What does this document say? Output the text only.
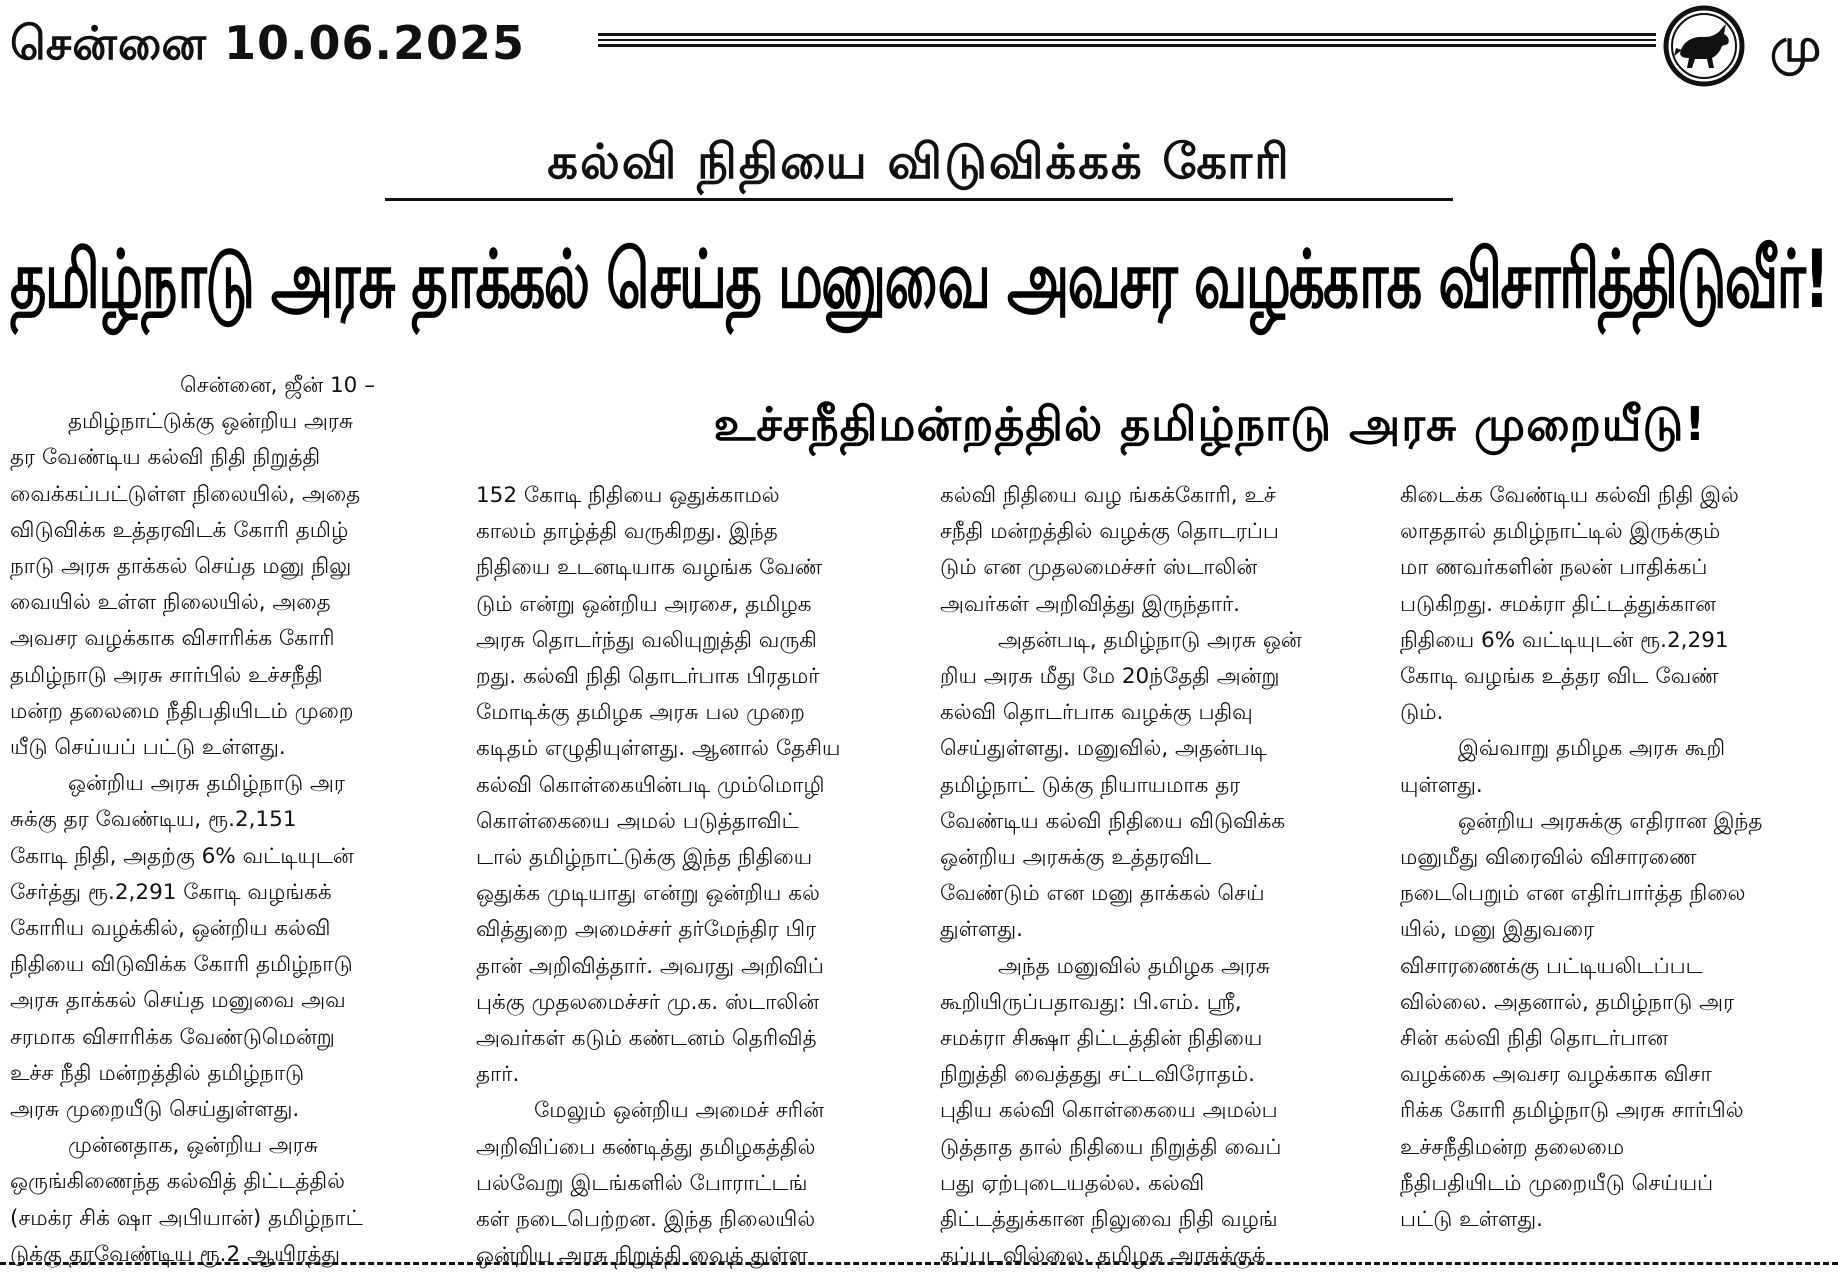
சென்னை 10.06.2025	மு
கல்வி நிதியை விடுவிக்கக் கோரி
தமிழ்நாடு அரசு தாக்கல் செய்த மனுவை அவசர வழக்காக விசாரித்திடுவீர்!
உச்சநீதிமன்றத்தில் தமிழ்நாடு அரசு முறையீடு!
சென்னை, ஜீன் 10 –
தமிழ்நாட்டுக்கு ஒன்றிய அரசு
தர வேண்டிய கல்வி நிதி நிறுத்தி
வைக்கப்பட்டுள்ள நிலையில், அதை
விடுவிக்க உத்தரவிடக் கோரி தமிழ்
நாடு அரசு தாக்கல் செய்த மனு நிலு
வையில் உள்ள நிலையில், அதை
அவசர வழக்காக விசாரிக்க கோரி
தமிழ்நாடு அரசு சார்பில் உச்சநீதி
மன்ற தலைமை நீதிபதியிடம் முறை
யீடு செய்யப் பட்டு உள்ளது.
ஒன்றிய அரசு தமிழ்நாடு அர
சுக்கு தர வேண்டிய, ரூ.2,151
கோடி நிதி, அதற்கு 6% வட்டியுடன்
சேர்த்து ரூ.2,291 கோடி வழங்கக்
கோரிய வழக்கில், ஒன்றிய கல்வி
நிதியை விடுவிக்க கோரி தமிழ்நாடு
அரசு தாக்கல் செய்த மனுவை அவ
சரமாக விசாரிக்க வேண்டுமென்று
உச்ச நீதி மன்றத்தில் தமிழ்நாடு
அரசு முறையீடு செய்துள்ளது.
முன்னதாக, ஒன்றிய அரசு
ஒருங்கிணைந்த கல்வித் திட்டத்தில்
(சமக்ர சிக் ஷா அபியான்) தமிழ்நாட்
டுக்கு தரவேண்டிய ரூ.2 ஆயிரத்து
152 கோடி நிதியை ஒதுக்காமல்
காலம் தாழ்த்தி வருகிறது. இந்த
நிதியை உடனடியாக வழங்க வேண்
டும் என்று ஒன்றிய அரசை, தமிழக
அரசு தொடர்ந்து வலியுறுத்தி வருகி
றது. கல்வி நிதி தொடர்பாக பிரதமர்
மோடிக்கு தமிழக அரசு பல முறை
கடிதம் எழுதியுள்ளது. ஆனால் தேசிய
கல்வி கொள்கையின்படி மும்மொழி
கொள்கையை அமல் படுத்தாவிட்
டால் தமிழ்நாட்டுக்கு இந்த நிதியை
ஒதுக்க முடியாது என்று ஒன்றிய கல்
வித்துறை அமைச்சர் தர்மேந்திர பிர
தான் அறிவித்தார். அவரது அறிவிப்
புக்கு முதலமைச்சர் மு.க. ஸ்டாலின்
அவர்கள் கடும் கண்டனம் தெரிவித்
தார்.
மேலும் ஒன்றிய அமைச் சரின்
அறிவிப்பை கண்டித்து தமிழகத்தில்
பல்வேறு இடங்களில் போராட்டங்
கள் நடைபெற்றன. இந்த நிலையில்
ஒன்றிய அரசு நிறுத்தி வைத் துள்ள
கல்வி நிதியை வழ ங்கக்கோரி, உச்
சநீதி மன்றத்தில் வழக்கு தொடரப்ப
டும் என முதலமைச்சர் ஸ்டாலின்
அவர்கள் அறிவித்து இருந்தார்.
அதன்படி, தமிழ்நாடு அரசு ஒன்
றிய அரசு மீது மே 20ந்தேதி அன்று
கல்வி தொடர்பாக வழக்கு பதிவு
செய்துள்ளது. மனுவில், அதன்படி
தமிழ்நாட் டுக்கு நியாயமாக தர
வேண்டிய கல்வி நிதியை விடுவிக்க
ஒன்றிய அரசுக்கு உத்தரவிட
வேண்டும் என மனு தாக்கல் செய்
துள்ளது.
அந்த மனுவில் தமிழக அரசு
கூறியிருப்பதாவது: பி.எம். ஸ்ரீ,
சமக்ரா சிக்ஷா திட்டத்தின் நிதியை
நிறுத்தி வைத்தது சட்டவிரோதம்.
புதிய கல்வி கொள்கையை அமல்ப
டுத்தாத தால் நிதியை நிறுத்தி வைப்
பது ஏற்புடையதல்ல. கல்வி
திட்டத்துக்கான நிலுவை நிதி வழங்
கப்படவில்லை. தமிழக அரசுக்குக்
கிடைக்க வேண்டிய கல்வி நிதி இல்
லாததால் தமிழ்நாட்டில் இருக்கும்
மா ணவர்களின் நலன் பாதிக்கப்
படுகிறது. சமக்ரா திட்டத்துக்கான
நிதியை 6% வட்டியுடன் ரூ.2,291
கோடி வழங்க உத்தர விட வேண்
டும்.
இவ்வாறு தமிழக அரசு கூறி
யுள்ளது.
ஒன்றிய அரசுக்கு எதிரான இந்த
மனுமீது விரைவில் விசாரணை
நடைபெறும் என எதிர்பார்த்த நிலை
யில், மனு இதுவரை
விசாரணைக்கு பட்டியலிடப்பட
வில்லை. அதனால், தமிழ்நாடு அர
சின் கல்வி நிதி தொடர்பான
வழக்கை அவசர வழக்காக விசா
ரிக்க கோரி தமிழ்நாடு அரசு சார்பில்
உச்சநீதிமன்ற தலைமை
நீதிபதியிடம் முறையீடு செய்யப்
பட்டு உள்ளது.
